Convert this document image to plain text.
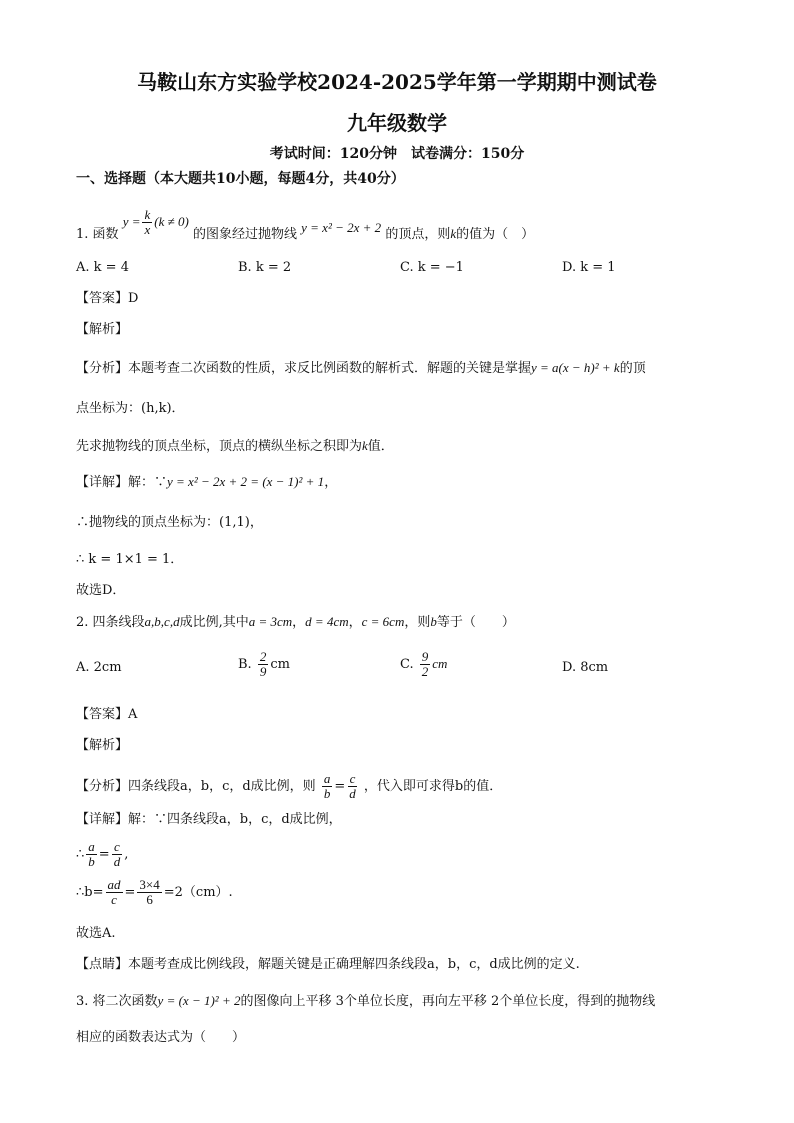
马鞍山东方实验学校2024-2025学年第一学期期中测试卷
九年级数学
考试时间：120分钟　试卷满分：150分
一、选择题（本大题共10小题，每题4分，共40分）
1. 函数 $y = \frac{k}{x} (k \ne 0)$ 的图象经过抛物线 y = x² − 2x + 2 的顶点，则k的值为（　）
A. k = 4	B. k = 2	C. k = −1	D. k = 1
【答案】D
【解析】
【分析】本题考查二次函数的性质，求反比例函数的解析式．解题的关键是掌握y = a(x − h)² + k的顶
点坐标为：(h,k)．
先求抛物线的顶点坐标，顶点的横纵坐标之积即为k值．
【详解】解：∵y = x² − 2x + 2 = (x − 1)² + 1，
∴抛物线的顶点坐标为：(1,1)，
∴ k = 1×1 = 1．
故选D．
2. 四条线段a,b,c,d成比例,其中a = 3cm，d = 4cm，c = 6cm，则b等于（　　）
A. 2cm	B. $\frac{2}{9}$ cm	C. $\frac{9}{2}$ cm	D. 8cm
【答案】A
【解析】
【分析】四条线段a，b，c，d成比例，则 $\frac{a}{b} = \frac{c}{d}$ ，代入即可求得b的值．
【详解】解：∵四条线段a，b，c，d成比例，
∴ $\frac{a}{b} = \frac{c}{d}$ ,
∴b= $\frac{ad}{c} = \frac{3\times 4}{6} =2(cm)$.
故选A.
【点睛】本题考查成比例线段，解题关键是正确理解四条线段a，b，c，d成比例的定义.
3. 将二次函数y = (x − 1)² + 2的图像向上平移 3个单位长度，再向左平移 2个单位长度，得到的抛物线
相应的函数表达式为（　　）
